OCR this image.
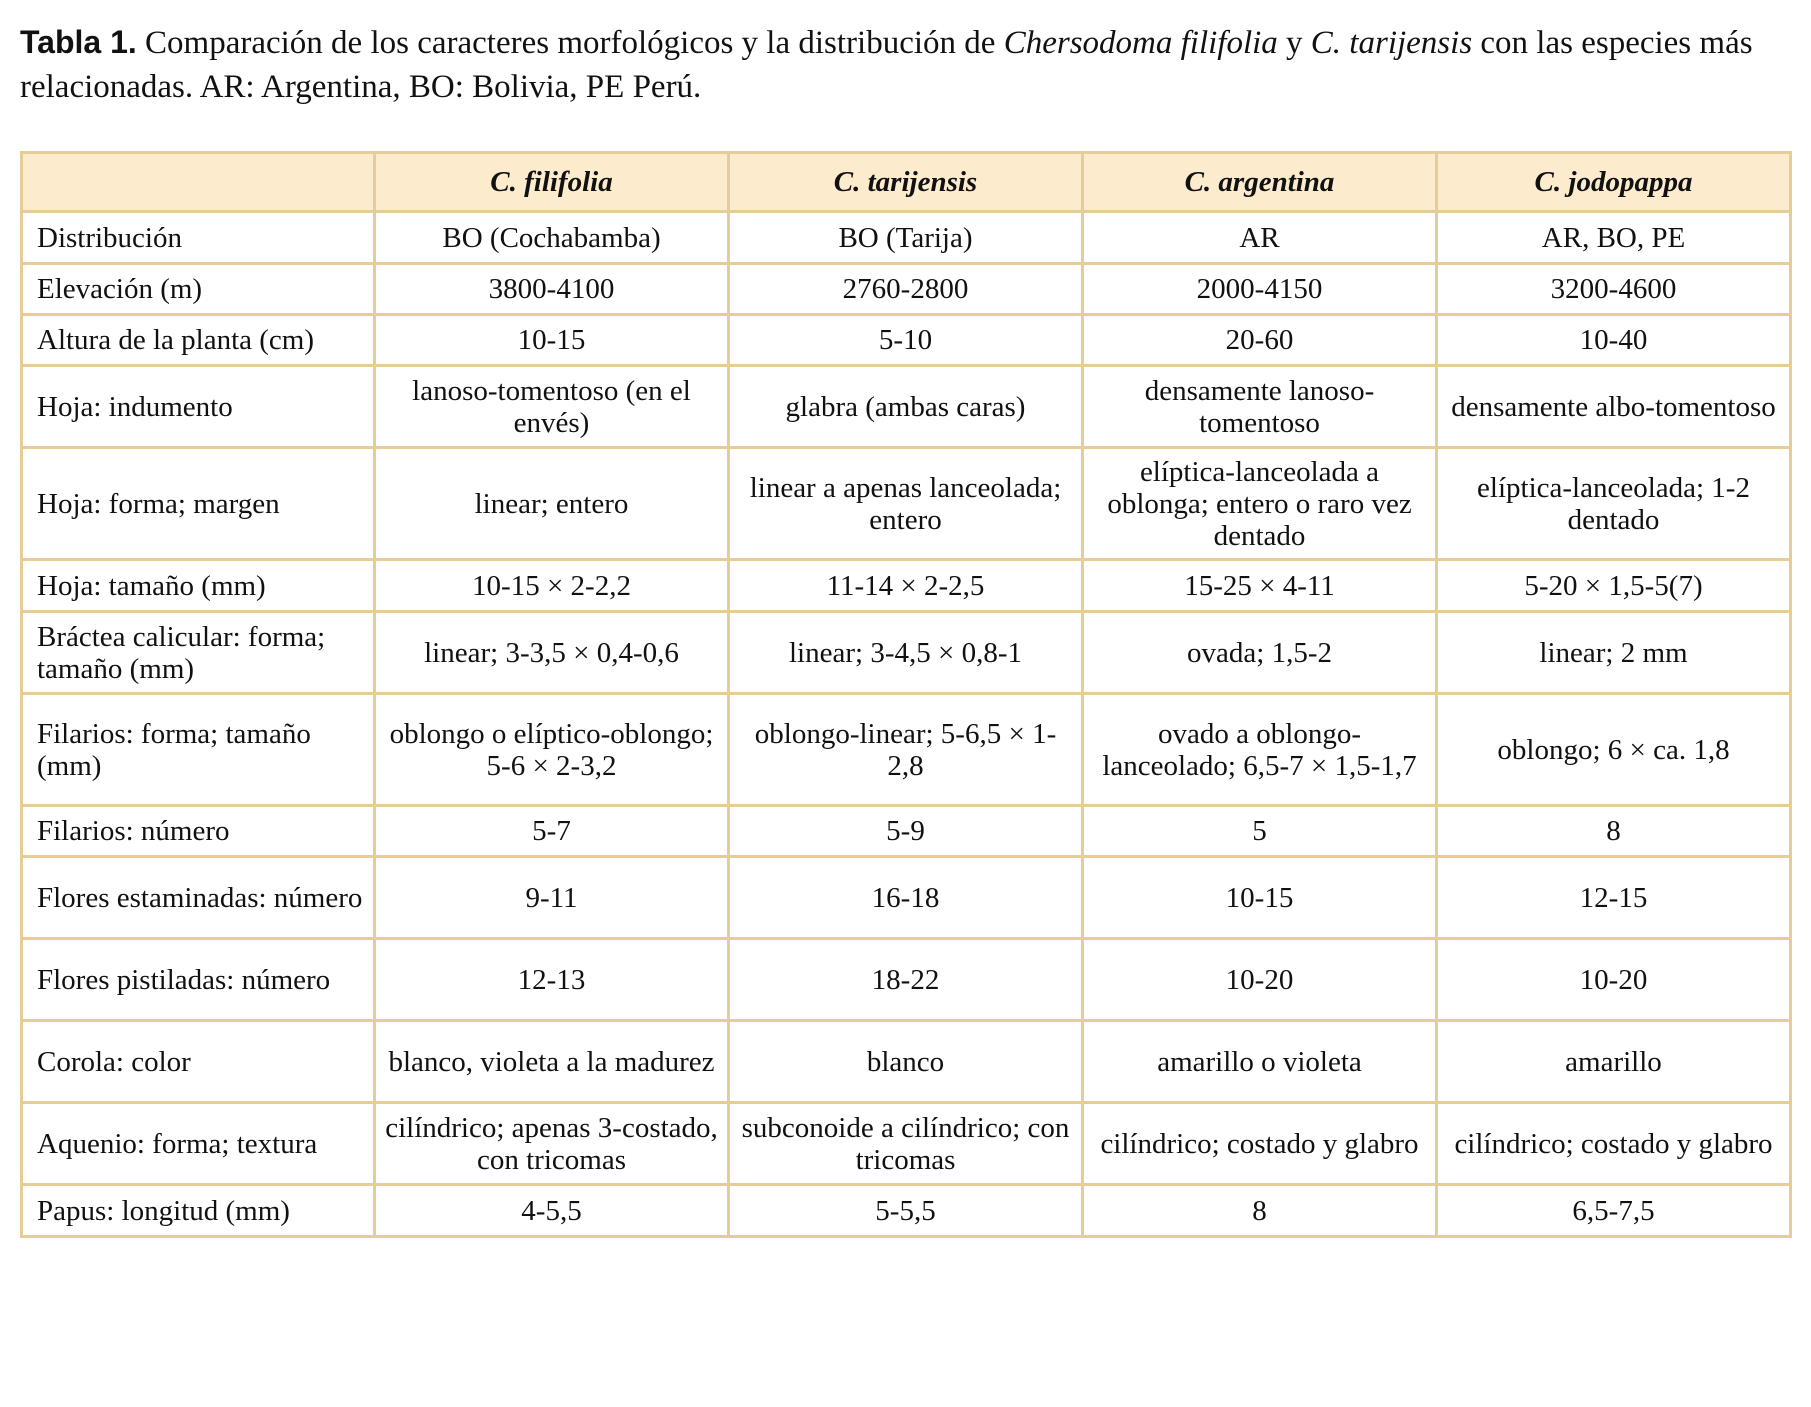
Tabla 1. Comparación de los caracteres morfológicos y la distribución de Chersodoma filifolia y C. tarijensis con las especies más relacionadas. AR: Argentina, BO: Bolivia, PE Perú.
	C. filifolia	C. tarijensis	C. argentina	C. jodopappa
Distribución	BO (Cochabamba)	BO (Tarija)	AR	AR, BO, PE
Elevación (m)	3800-4100	2760-2800	2000-4150	3200-4600
Altura de la planta (cm)	10-15	5-10	20-60	10-40
Hoja: indumento	lanoso-tomentoso (en el envés)	glabra (ambas caras)	densamente lanoso-tomentoso	densamente albo-tomentoso
Hoja: forma; margen	linear; entero	linear a apenas lanceolada; entero	elíptica-lanceolada a oblonga; entero o raro vez dentado	elíptica-lanceolada; 1-2 dentado
Hoja: tamaño (mm)	10-15 × 2-2,2	11-14 × 2-2,5	15-25 × 4-11	5-20 × 1,5-5(7)
Bráctea calicular: forma; tamaño (mm)	linear; 3-3,5 × 0,4-0,6	linear; 3-4,5 × 0,8-1	ovada; 1,5-2	linear; 2 mm
Filarios: forma; tamaño (mm)	oblongo o elíptico-oblongo; 5-6 × 2-3,2	oblongo-linear; 5-6,5 × 1-2,8	ovado a oblongo-lanceolado; 6,5-7 × 1,5-1,7	oblongo; 6 × ca. 1,8
Filarios: número	5-7	5-9	5	8
Flores estaminadas: número	9-11	16-18	10-15	12-15
Flores pistiladas: número	12-13	18-22	10-20	10-20
Corola: color	blanco, violeta a la madurez	blanco	amarillo o violeta	amarillo
Aquenio: forma; textura	cilíndrico; apenas 3-costado, con tricomas	subconoide a cilíndrico; con tricomas	cilíndrico; costado y glabro	cilíndrico; costado y glabro
Papus: longitud (mm)	4-5,5	5-5,5	8	6,5-7,5
